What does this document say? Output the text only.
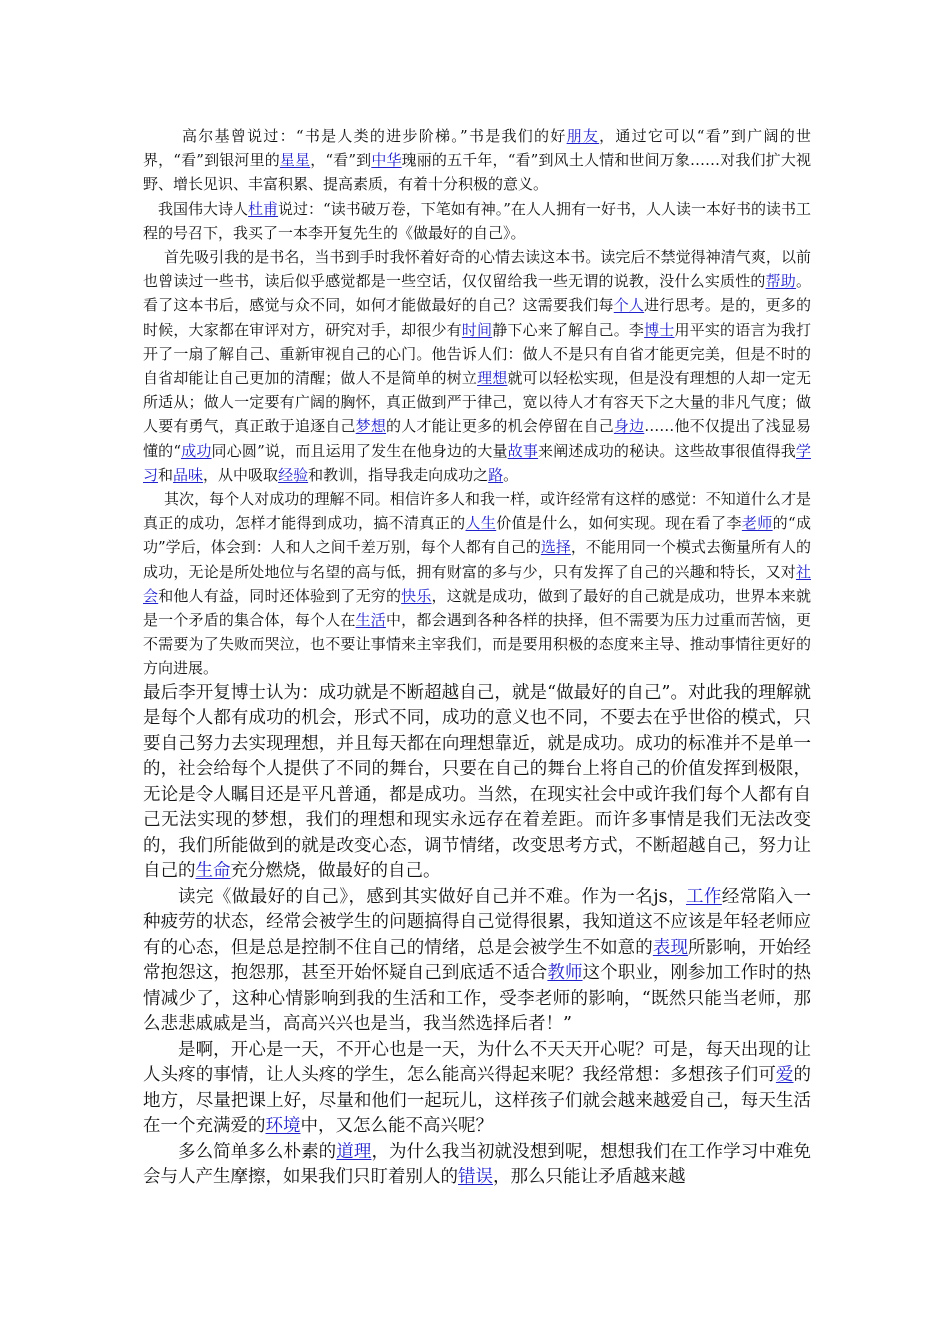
高尔基曾说过：“书是人类的进步阶梯。”书是我们的好朋友，通过它可以“看”到广阔的世界，“看”到银河里的星星，“看”到中华瑰丽的五千年，“看”到风土人情和世间万象……对我们扩大视野、增长见识、丰富积累、提高素质，有着十分积极的意义。

我国伟大诗人杜甫说过：“读书破万卷，下笔如有神。”在人人拥有一好书，人人读一本好书的读书工程的号召下，我买了一本李开复先生的《做最好的自己》。

首先吸引我的是书名，当书到手时我怀着好奇的心情去读这本书。读完后不禁觉得神清气爽，以前也曾读过一些书，读后似乎感觉都是一些空话，仅仅留给我一些无谓的说教，没什么实质性的帮助。看了这本书后，感觉与众不同，如何才能做最好的自己？这需要我们每个人进行思考。是的，更多的时候，大家都在审评对方，研究对手，却很少有时间静下心来了解自己。李博士用平实的语言为我打开了一扇了解自己、重新审视自己的心门。他告诉人们：做人不是只有自省才能更完美，但是不时的自省却能让自己更加的清醒；做人不是简单的树立理想就可以轻松实现，但是没有理想的人却一定无所适从；做人一定要有广阔的胸怀，真正做到严于律己，宽以待人才有容天下之大量的非凡气度；做人要有勇气，真正敢于追逐自己梦想的人才能让更多的机会停留在自己身边……他不仅提出了浅显易懂的“成功同心圆”说，而且运用了发生在他身边的大量故事来阐述成功的秘诀。这些故事很值得我学习和品味，从中吸取经验和教训，指导我走向成功之路。

其次，每个人对成功的理解不同。相信许多人和我一样，或许经常有这样的感觉：不知道什么才是真正的成功，怎样才能得到成功，搞不清真正的人生价值是什么，如何实现。现在看了李老师的“成功”学后，体会到：人和人之间千差万别，每个人都有自己的选择，不能用同一个模式去衡量所有人的成功，无论是所处地位与名望的高与低，拥有财富的多与少，只有发挥了自己的兴趣和特长，又对社会和他人有益，同时还体验到了无穷的快乐，这就是成功，做到了最好的自己就是成功，世界本来就是一个矛盾的集合体，每个人在生活中，都会遇到各种各样的抉择，但不需要为压力过重而苦恼，更不需要为了失败而哭泣，也不要让事情来主宰我们，而是要用积极的态度来主导、推动事情往更好的方向进展。

最后李开复博士认为：成功就是不断超越自己，就是“做最好的自己”。对此我的理解就是每个人都有成功的机会，形式不同，成功的意义也不同，不要去在乎世俗的模式，只要自己努力去实现理想，并且每天都在向理想靠近，就是成功。成功的标准并不是单一的，社会给每个人提供了不同的舞台，只要在自己的舞台上将自己的价值发挥到极限，无论是令人瞩目还是平凡普通，都是成功。当然，在现实社会中或许我们每个人都有自己无法实现的梦想，我们的理想和现实永远存在着差距。而许多事情是我们无法改变的，我们所能做到的就是改变心态，调节情绪，改变思考方式，不断超越自己，努力让自己的生命充分燃烧，做最好的自己。

读完《做最好的自己》，感到其实做好自己并不难。作为一名js，工作经常陷入一种疲劳的状态，经常会被学生的问题搞得自己觉得很累，我知道这不应该是年轻老师应有的心态，但是总是控制不住自己的情绪，总是会被学生不如意的表现所影响，开始经常抱怨这，抱怨那，甚至开始怀疑自己到底适不适合教师这个职业，刚参加工作时的热情减少了，这种心情影响到我的生活和工作，受李老师的影响，“既然只能当老师，那么悲悲戚戚是当，高高兴兴也是当，我当然选择后者！”

是啊，开心是一天，不开心也是一天，为什么不天天开心呢？可是，每天出现的让人头疼的事情，让人头疼的学生，怎么能高兴得起来呢？我经常想：多想孩子们可爱的地方，尽量把课上好，尽量和他们一起玩儿，这样孩子们就会越来越爱自己，每天生活在一个充满爱的环境中，又怎么能不高兴呢？

多么简单多么朴素的道理，为什么我当初就没想到呢，想想我们在工作学习中难免会与人产生摩擦，如果我们只盯着别人的错误，那么只能让矛盾越来越
